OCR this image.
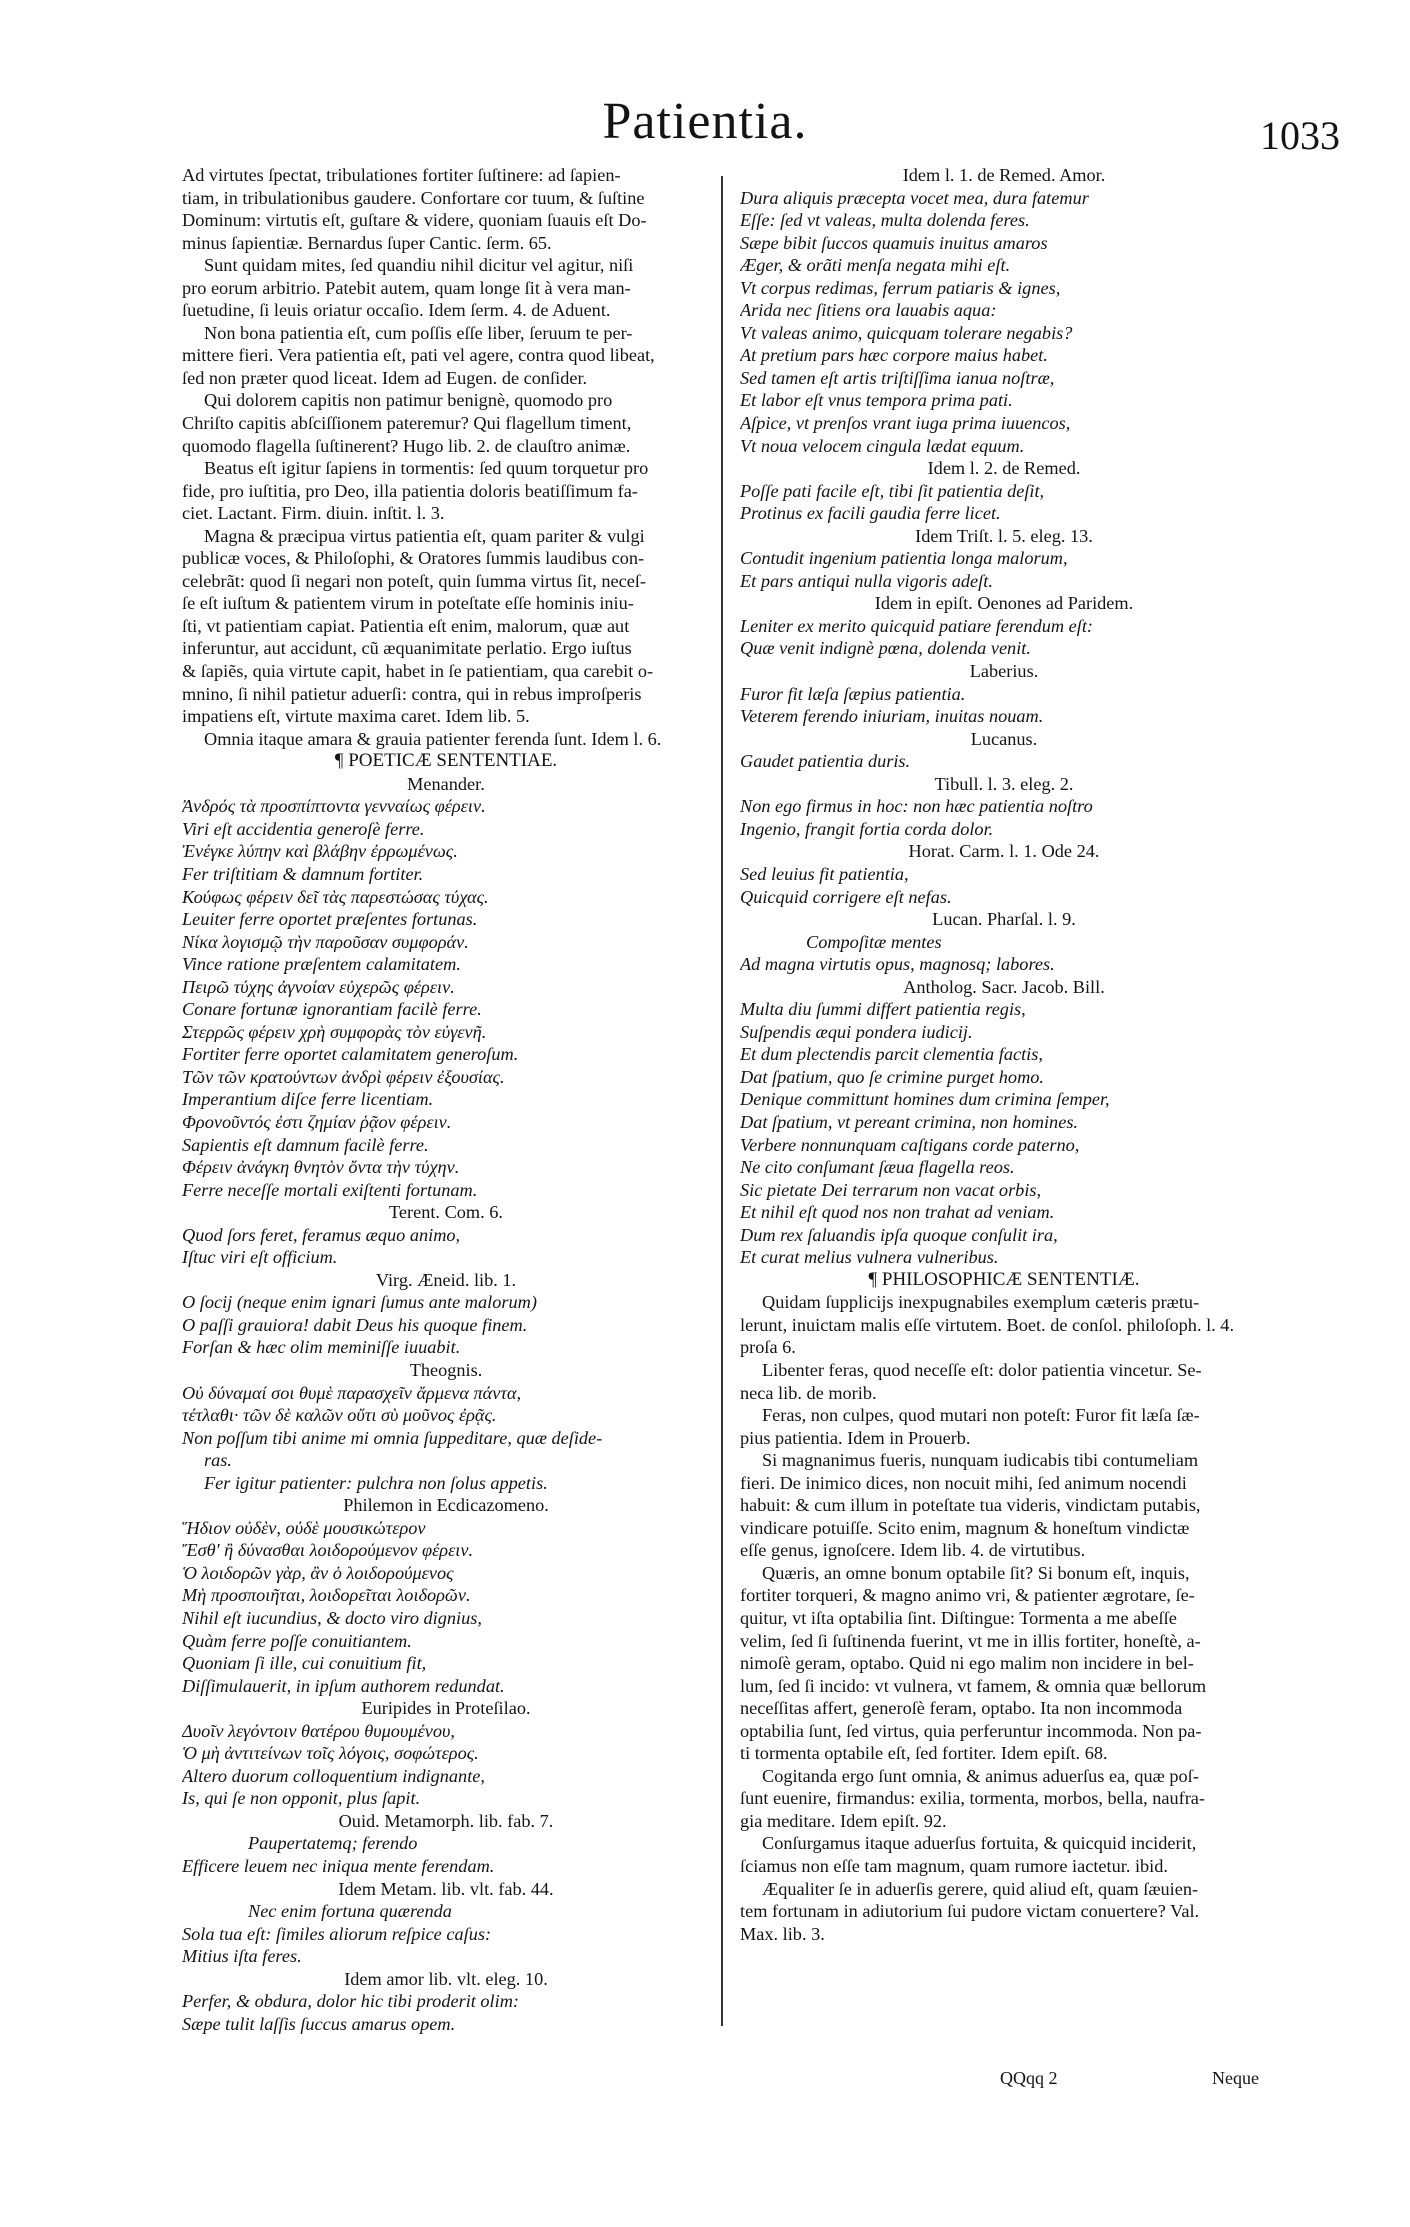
Patientia.	1033
Ad virtutes ſpectat, tribulationes fortiter ſuſtinere: ad ſapien-
tiam, in tribulationibus gaudere. Confortare cor tuum, & ſuſtine
Dominum: virtutis eſt, guſtare & videre, quoniam ſuauis eſt Do-
minus ſapientiæ. Bernardus ſuper Cantic. ſerm. 65.
Sunt quidam mites, ſed quandiu nihil dicitur vel agitur, niſi
pro eorum arbitrio. Patebit autem, quam longe ſit à vera man-
ſuetudine, ſi leuis oriatur occaſio. Idem ſerm. 4. de Aduent.
Non bona patientia eſt, cum poſſis eſſe liber, ſeruum te per-
mittere fieri. Vera patientia eſt, pati vel agere, contra quod libeat,
ſed non præter quod liceat. Idem ad Eugen. de conſider.
Qui dolorem capitis non patimur benignè, quomodo pro
Chriſto capitis abſciſſionem pateremur? Qui flagellum timent,
quomodo flagella ſuſtinerent? Hugo lib. 2. de clauſtro animæ.
Beatus eſt igitur ſapiens in tormentis: ſed quum torquetur pro
fide, pro iuſtitia, pro Deo, illa patientia doloris beatiſſimum fa-
ciet. Lactant. Firm. diuin. inſtit. l. 3.
Magna & præcipua virtus patientia eſt, quam pariter & vulgi
publicæ voces, & Philoſophi, & Oratores ſummis laudibus con-
celebrãt: quod ſi negari non poteſt, quin ſumma virtus ſit, neceſ-
ſe eſt iuſtum & patientem virum in poteſtate eſſe hominis iniu-
ſti, vt patientiam capiat. Patientia eſt enim, malorum, quæ aut
inferuntur, aut accidunt, cũ æquanimitate perlatio. Ergo iuſtus
& ſapiẽs, quia virtute capit, habet in ſe patientiam, qua carebit o-
mnino, ſi nihil patietur aduerſi: contra, qui in rebus improſperis
impatiens eſt, virtute maxima caret. Idem lib. 5.
Omnia itaque amara & grauia patienter ferenda ſunt. Idem l. 6.
¶ POETICÆ SENTENTIAE.
Menander.
Ἀνδρός τὰ προσπίπτοντα γενναίως φέρειν.
Viri eſt accidentia generoſè ferre.
Ἐνέγκε λύπην καὶ βλάβην ἐρρωμένως.
Fer triſtitiam & damnum fortiter.
Κούφως φέρειν δεῖ τὰς παρεστώσας τύχας.
Leuiter ferre oportet præſentes fortunas.
Νίκα λογισμῷ τὴν παροῦσαν συμφοράν.
Vince ratione præſentem calamitatem.
Πειρῶ τύχης ἀγνοίαν εὐχερῶς φέρειν.
Conare fortunæ ignorantiam facilè ferre.
Στερρῶς φέρειν χρὴ συμφορὰς τὸν εὐγενῆ.
Fortiter ferre oportet calamitatem generoſum.
Τῶν τῶν κρατούντων ἀνδρὶ φέρειν ἐξουσίας.
Imperantium diſce ferre licentiam.
Φρονοῦντός ἐστι ζημίαν ῥᾷον φέρειν.
Sapientis eſt damnum facilè ferre.
Φέρειν ἀνάγκη θνητὸν ὄντα τὴν τύχην.
Ferre neceſſe mortali exiſtenti fortunam.
Terent. Com. 6.
Quod ſors feret, feramus æquo animo,
Iſtuc viri eſt officium.
Virg. Æneid. lib. 1.
O ſocij (neque enim ignari ſumus ante malorum)
O paſſi grauiora! dabit Deus his quoque finem.
Forſan & hæc olim meminiſſe iuuabit.
Theognis.
Οὐ δύναμαί σοι θυμὲ παρασχεῖν ἄρμενα πάντα,
τέτλαθι· τῶν δὲ καλῶν οὔτι σὺ μοῦνος ἐρᾷς.
Non poſſum tibi anime mi omnia ſuppeditare, quæ deſide-
ras.
Fer igitur patienter: pulchra non ſolus appetis.
Philemon in Ecdicazomeno.
Ἥδιον οὐδὲν, οὐδὲ μουσικώτερον
Ἔσθ' ἢ δύνασθαι λοιδορούμενον φέρειν.
Ὁ λοιδορῶν γὰρ, ἂν ὁ λοιδορούμενος
Μὴ προσποιῆται, λοιδορεῖται λοιδορῶν.
Nihil eſt iucundius, & docto viro dignius,
Quàm ferre poſſe conuitiantem.
Quoniam ſi ille, cui conuitium fit,
Diſſimulauerit, in ipſum authorem redundat.
Euripides in Proteſilao.
Δυοῖν λεγόντοιν θατέρου θυμουμένου,
Ὁ μὴ ἀντιτείνων τοῖς λόγοις, σοφώτερος.
Altero duorum colloquentium indignante,
Is, qui ſe non opponit, plus ſapit.
Ouid. Metamorph. lib. fab. 7.
Paupertatemq; ferendo
Efficere leuem nec iniqua mente ferendam.
Idem Metam. lib. vlt. fab. 44.
Nec enim fortuna quærenda
Sola tua eſt: ſimiles aliorum reſpice caſus:
Mitius iſta feres.
Idem amor lib. vlt. eleg. 10.
Perfer, & obdura, dolor hic tibi proderit olim:
Sæpe tulit laſſis ſuccus amarus opem.
Idem l. 1. de Remed. Amor.
Dura aliquis præcepta vocet mea, dura fatemur
Eſſe: ſed vt valeas, multa dolenda feres.
Sæpe bibit ſuccos quamuis inuitus amaros
Æger, & orãti menſa negata mihi eſt.
Vt corpus redimas, ferrum patiaris & ignes,
Arida nec ſitiens ora lauabis aqua:
Vt valeas animo, quicquam tolerare negabis?
At pretium pars hæc corpore maius habet.
Sed tamen eſt artis triſtiſſima ianua noſtræ,
Et labor eſt vnus tempora prima pati.
Aſpice, vt prenſos vrant iuga prima iuuencos,
Vt noua velocem cingula lædat equum.
Idem l. 2. de Remed.
Poſſe pati facile eſt, tibi ſit patientia deſit,
Protinus ex facili gaudia ferre licet.
Idem Triſt. l. 5. eleg. 13.
Contudit ingenium patientia longa malorum,
Et pars antiqui nulla vigoris adeſt.
Idem in epiſt. Oenones ad Paridem.
Leniter ex merito quicquid patiare ferendum eſt:
Quæ venit indignè pœna, dolenda venit.
Laberius.
Furor fit læſa ſæpius patientia.
Veterem ferendo iniuriam, inuitas nouam.
Lucanus.
Gaudet patientia duris.
Tibull. l. 3. eleg. 2.
Non ego firmus in hoc: non hæc patientia noſtro
Ingenio, frangit fortia corda dolor.
Horat. Carm. l. 1. Ode 24.
Sed leuius fit patientia,
Quicquid corrigere eſt nefas.
Lucan. Pharſal. l. 9.
Compoſitæ mentes
Ad magna virtutis opus, magnosq; labores.
Antholog. Sacr. Jacob. Bill.
Multa diu ſummi differt patientia regis,
Suſpendis æqui pondera iudicij.
Et dum plectendis parcit clementia factis,
Dat ſpatium, quo ſe crimine purget homo.
Denique committunt homines dum crimina ſemper,
Dat ſpatium, vt pereant crimina, non homines.
Verbere nonnunquam caſtigans corde paterno,
Ne cito conſumant ſæua flagella reos.
Sic pietate Dei terrarum non vacat orbis,
Et nihil eſt quod nos non trahat ad veniam.
Dum rex ſaluandis ipſa quoque conſulit ira,
Et curat melius vulnera vulneribus.
¶ PHILOSOPHICÆ SENTENTIÆ.
Quidam ſupplicijs inexpugnabiles exemplum cæteris prætu-
lerunt, inuictam malis eſſe virtutem. Boet. de conſol. philoſoph. l. 4.
proſa 6.
Libenter feras, quod neceſſe eſt: dolor patientia vincetur. Se-
neca lib. de morib.
Feras, non culpes, quod mutari non poteſt: Furor fit læſa ſæ-
pius patientia. Idem in Prouerb.
Si magnanimus fueris, nunquam iudicabis tibi contumeliam
fieri. De inimico dices, non nocuit mihi, ſed animum nocendi
habuit: & cum illum in poteſtate tua videris, vindictam putabis,
vindicare potuiſſe. Scito enim, magnum & honeſtum vindictæ
eſſe genus, ignoſcere. Idem lib. 4. de virtutibus.
Quæris, an omne bonum optabile ſit? Si bonum eſt, inquis,
fortiter torqueri, & magno animo vri, & patienter ægrotare, ſe-
quitur, vt iſta optabilia ſint. Diſtingue: Tormenta a me abeſſe
velim, ſed ſi ſuſtinenda fuerint, vt me in illis fortiter, honeſtè, a-
nimoſè geram, optabo. Quid ni ego malim non incidere in bel-
lum, ſed ſi incido: vt vulnera, vt famem, & omnia quæ bellorum
neceſſitas affert, generoſè feram, optabo. Ita non incommoda
optabilia ſunt, ſed virtus, quia perferuntur incommoda. Non pa-
ti tormenta optabile eſt, ſed fortiter. Idem epiſt. 68.
Cogitanda ergo ſunt omnia, & animus aduerſus ea, quæ poſ-
ſunt euenire, firmandus: exilia, tormenta, morbos, bella, naufra-
gia meditare. Idem epiſt. 92.
Conſurgamus itaque aduerſus fortuita, & quicquid inciderit,
ſciamus non eſſe tam magnum, quam rumore iactetur. ibid.
Æqualiter ſe in aduerſis gerere, quid aliud eſt, quam ſæuien-
tem fortunam in adiutorium ſui pudore victam conuertere? Val.
Max. lib. 3.
QQqq 2	Neque
